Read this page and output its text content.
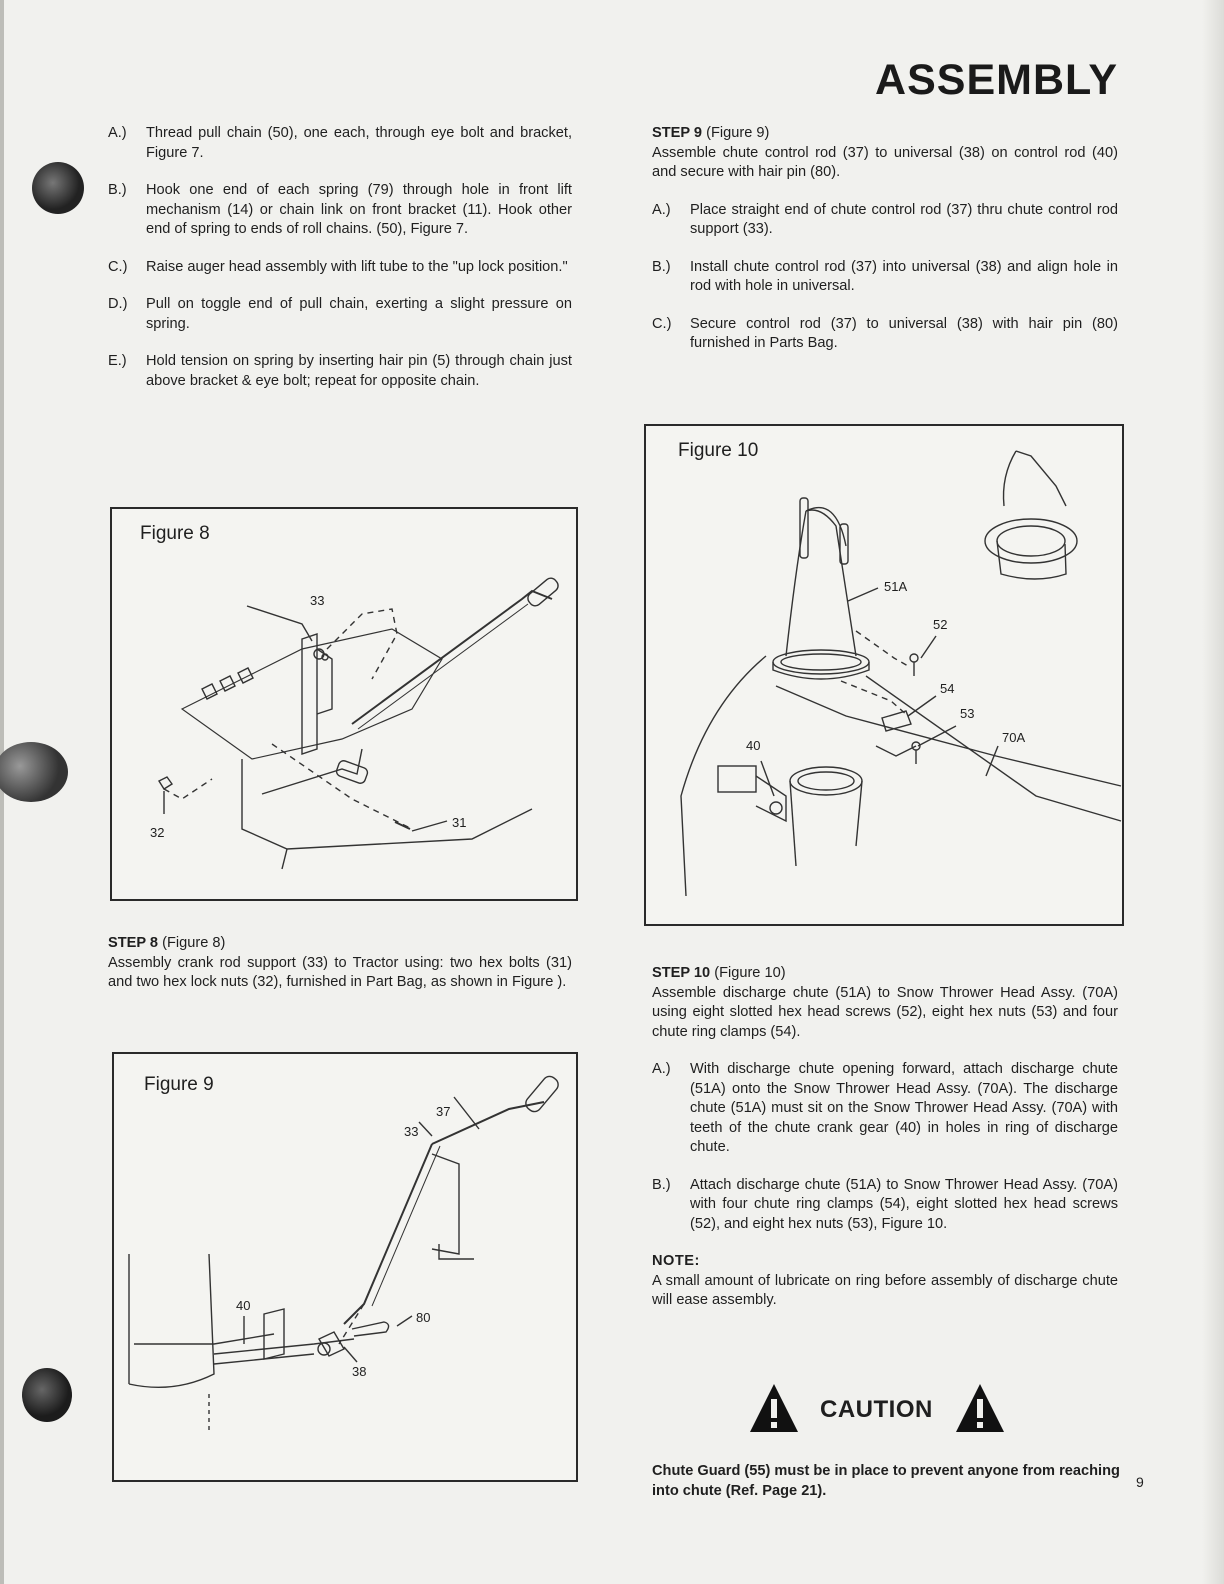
ASSEMBLY
A.)	Thread pull chain (50), one each, through eye bolt and bracket, Figure 7.
B.)	Hook one end of each spring (79) through hole in front lift mechanism (14) or chain link on front bracket (11). Hook other end of spring to ends of roll chains. (50), Figure 7.
C.)	Raise auger head assembly with lift tube to the "up lock position."
D.)	Pull on toggle end of pull chain, exerting a slight pressure on spring.
E.)	Hold tension on spring by inserting hair pin (5) through chain just above bracket & eye bolt; repeat for opposite chain.
Figure 8
33
32
31
STEP 8 (Figure 8)
Assembly crank rod support (33) to Tractor using: two hex bolts (31) and two hex lock nuts (32), furnished in Part Bag, as shown in Figure ).
Figure 9
37
33
40
80
38
STEP 9 (Figure 9)
Assemble chute control rod (37) to universal (38) on control rod (40) and secure with hair pin (80).
A.)	Place straight end of chute control rod (37) thru chute control rod support (33).
B.)	Install chute control rod (37) into universal (38) and align hole in rod with hole in universal.
C.)	Secure control rod (37) to universal (38) with hair pin (80) furnished in Parts Bag.
Figure 10
51A
52
54
53
70A
40
STEP 10 (Figure 10)
Assemble discharge chute (51A) to Snow Thrower Head Assy. (70A) using eight slotted hex head screws (52), eight hex nuts (53) and four chute ring clamps (54).
A.)	With discharge chute opening forward, attach discharge chute (51A) onto the Snow Thrower Head Assy. (70A). The discharge chute (51A) must sit on the Snow Thrower Head Assy. (70A) with teeth of the chute crank gear (40) in holes in ring of discharge chute.
B.)	Attach discharge chute (51A) to Snow Thrower Head Assy. (70A) with four chute ring clamps (54), eight slotted hex head screws (52), and eight hex nuts (53), Figure 10.
NOTE:
A small amount of lubricate on ring before assembly of discharge chute will ease assembly.
CAUTION
Chute Guard (55) must be in place to prevent anyone from reaching into chute (Ref. Page 21).
9
